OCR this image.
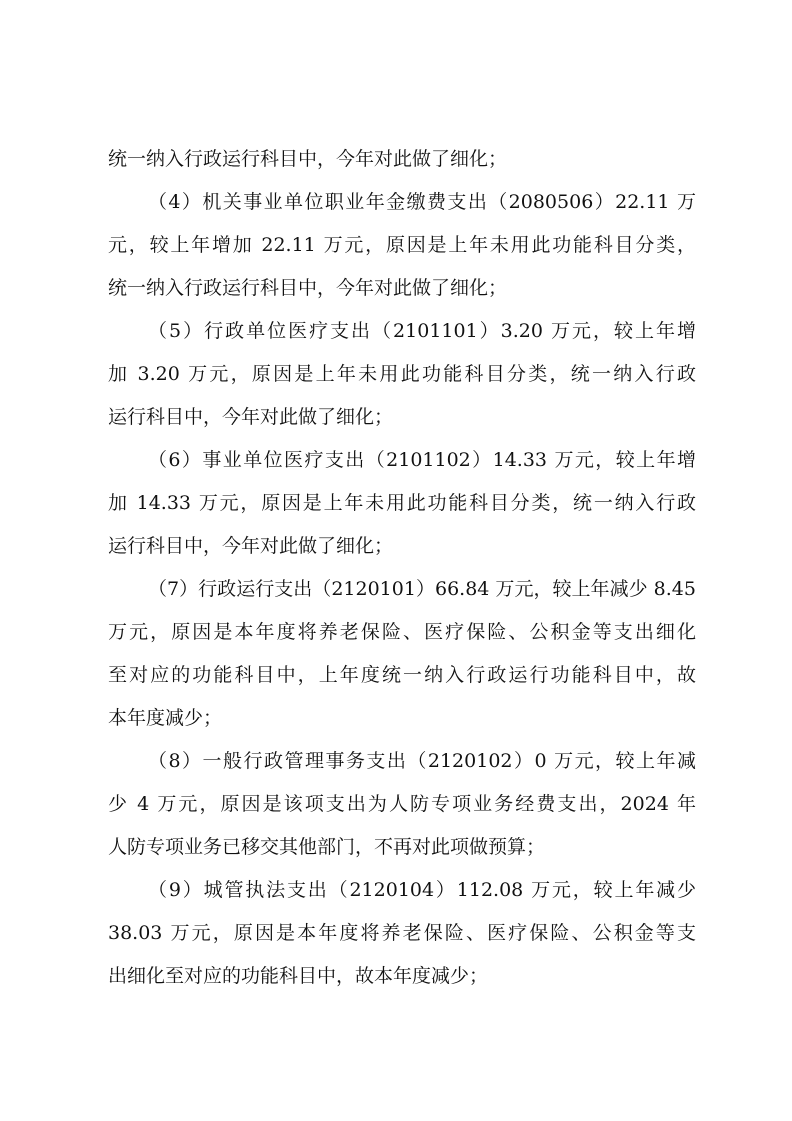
统一纳入行政运行科目中，今年对此做了细化；
（4）机关事业单位职业年金缴费支出（2080506）22.11 万
元，较上年增加 22.11 万元，原因是上年未用此功能科目分类，
统一纳入行政运行科目中，今年对此做了细化；
（5）行政单位医疗支出（2101101）3.20 万元，较上年增
加 3.20 万元，原因是上年未用此功能科目分类，统一纳入行政
运行科目中，今年对此做了细化；
（6）事业单位医疗支出（2101102）14.33 万元，较上年增
加 14.33 万元，原因是上年未用此功能科目分类，统一纳入行政
运行科目中，今年对此做了细化；
（7）行政运行支出（2120101）66.84 万元，较上年减少 8.45
万元，原因是本年度将养老保险、医疗保险、公积金等支出细化
至对应的功能科目中，上年度统一纳入行政运行功能科目中，故
本年度减少；
（8）一般行政管理事务支出（2120102）0 万元，较上年减
少 4 万元，原因是该项支出为人防专项业务经费支出，2024 年
人防专项业务已移交其他部门，不再对此项做预算；
（9）城管执法支出（2120104）112.08 万元，较上年减少
38.03 万元，原因是本年度将养老保险、医疗保险、公积金等支
出细化至对应的功能科目中，故本年度减少；
